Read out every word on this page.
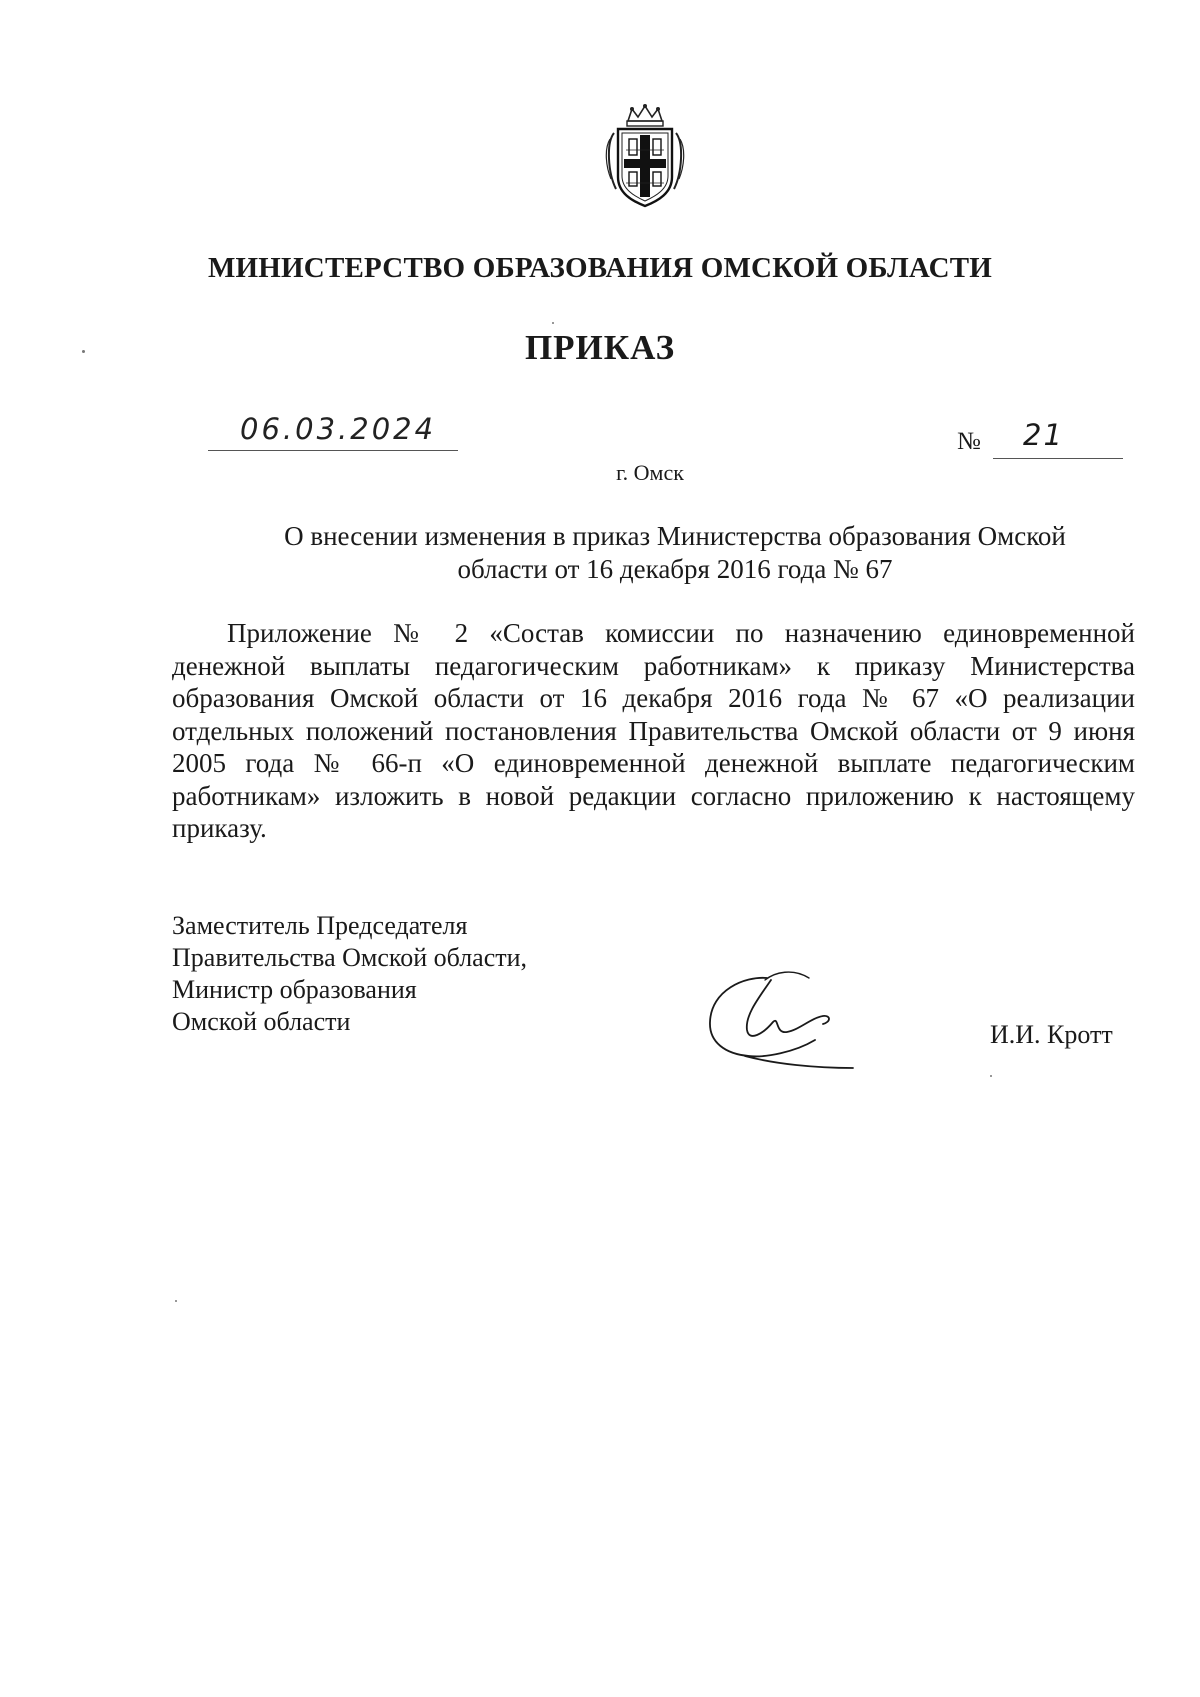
МИНИСТЕРСТВО ОБРАЗОВАНИЯ ОМСКОЙ ОБЛАСТИ
ПРИКАЗ
06.03.2024	№ 21
г. Омск
О внесении изменения в приказ Министерства образования Омской
области от 16 декабря 2016 года № 67
Приложение № 2 «Состав комиссии по назначению единовременной денежной выплаты педагогическим работникам» к приказу Министерства образования Омской области от 16 декабря 2016 года № 67 «О реализации отдельных положений постановления Правительства Омской области от 9 июня 2005 года № 66-п «О единовременной денежной выплате педагогическим работникам» изложить в новой редакции согласно приложению к настоящему приказу.
Заместитель Председателя
Правительства Омской области,
Министр образования
Омской области	И.И. Кротт
